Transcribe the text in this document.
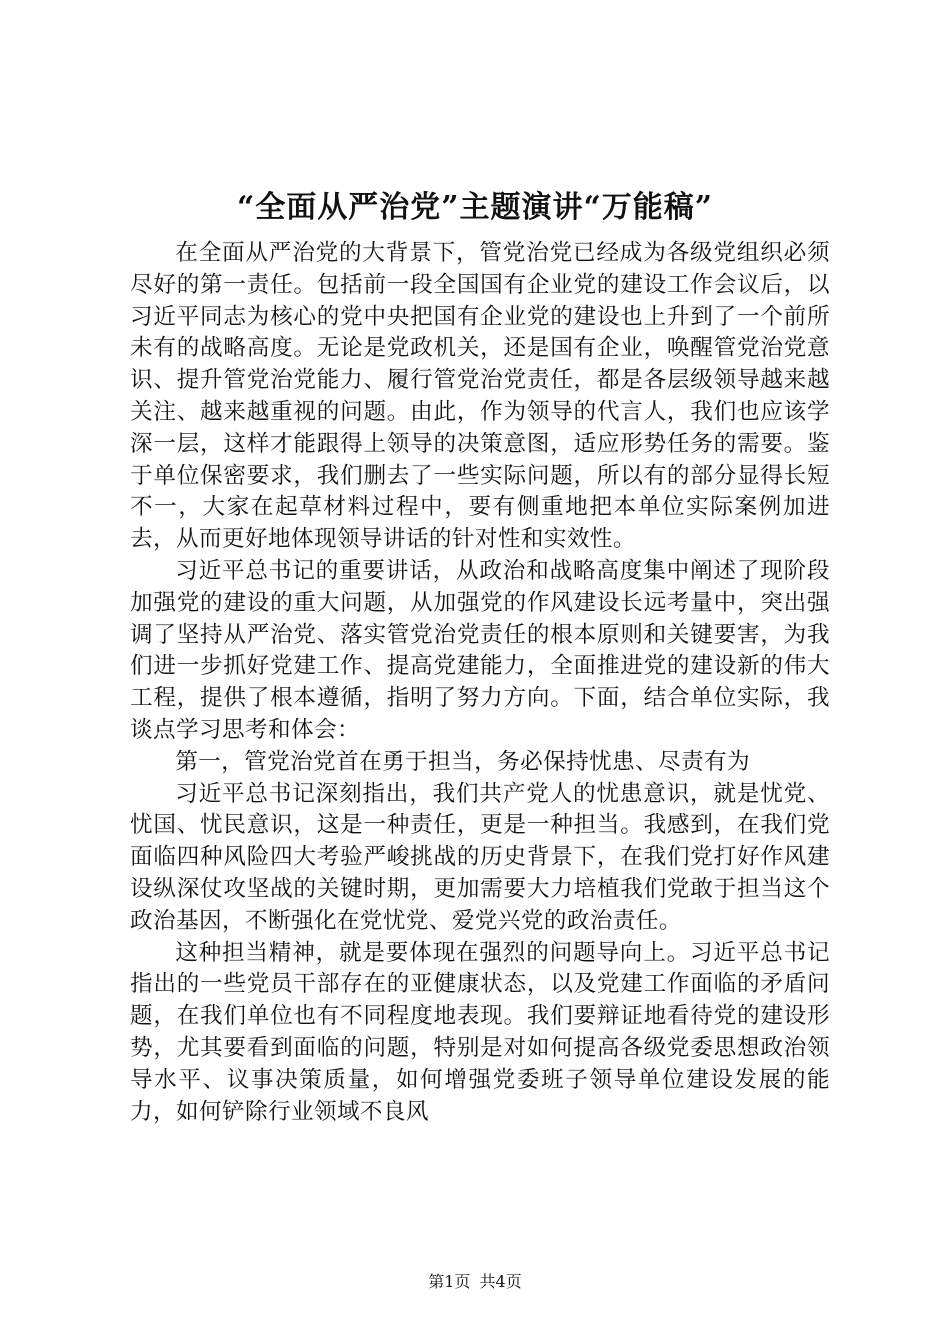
“全面从严治党”主题演讲“万能稿”

在全面从严治党的大背景下，管党治党已经成为各级党组织必须尽好的第一责任。包括前一段全国国有企业党的建设工作会议后，以习近平同志为核心的党中央把国有企业党的建设也上升到了一个前所未有的战略高度。无论是党政机关，还是国有企业，唤醒管党治党意识、提升管党治党能力、履行管党治党责任，都是各层级领导越来越关注、越来越重视的问题。由此，作为领导的代言人，我们也应该学深一层，这样才能跟得上领导的决策意图，适应形势任务的需要。鉴于单位保密要求，我们删去了一些实际问题，所以有的部分显得长短不一，大家在起草材料过程中，要有侧重地把本单位实际案例加进去，从而更好地体现领导讲话的针对性和实效性。

习近平总书记的重要讲话，从政治和战略高度集中阐述了现阶段加强党的建设的重大问题，从加强党的作风建设长远考量中，突出强调了坚持从严治党、落实管党治党责任的根本原则和关键要害，为我们进一步抓好党建工作、提高党建能力，全面推进党的建设新的伟大工程，提供了根本遵循，指明了努力方向。下面，结合单位实际，我谈点学习思考和体会：

第一，管党治党首在勇于担当，务必保持忧患、尽责有为

习近平总书记深刻指出，我们共产党人的忧患意识，就是忧党、忧国、忧民意识，这是一种责任，更是一种担当。我感到，在我们党面临四种风险四大考验严峻挑战的历史背景下，在我们党打好作风建设纵深仗攻坚战的关键时期，更加需要大力培植我们党敢于担当这个政治基因，不断强化在党忧党、爱党兴党的政治责任。

这种担当精神，就是要体现在强烈的问题导向上。习近平总书记指出的一些党员干部存在的亚健康状态，以及党建工作面临的矛盾问题，在我们单位也有不同程度地表现。我们要辩证地看待党的建设形势，尤其要看到面临的问题，特别是对如何提高各级党委思想政治领导水平、议事决策质量，如何增强党委班子领导单位建设发展的能力，如何铲除行业领域不良风

第1页 共4页
